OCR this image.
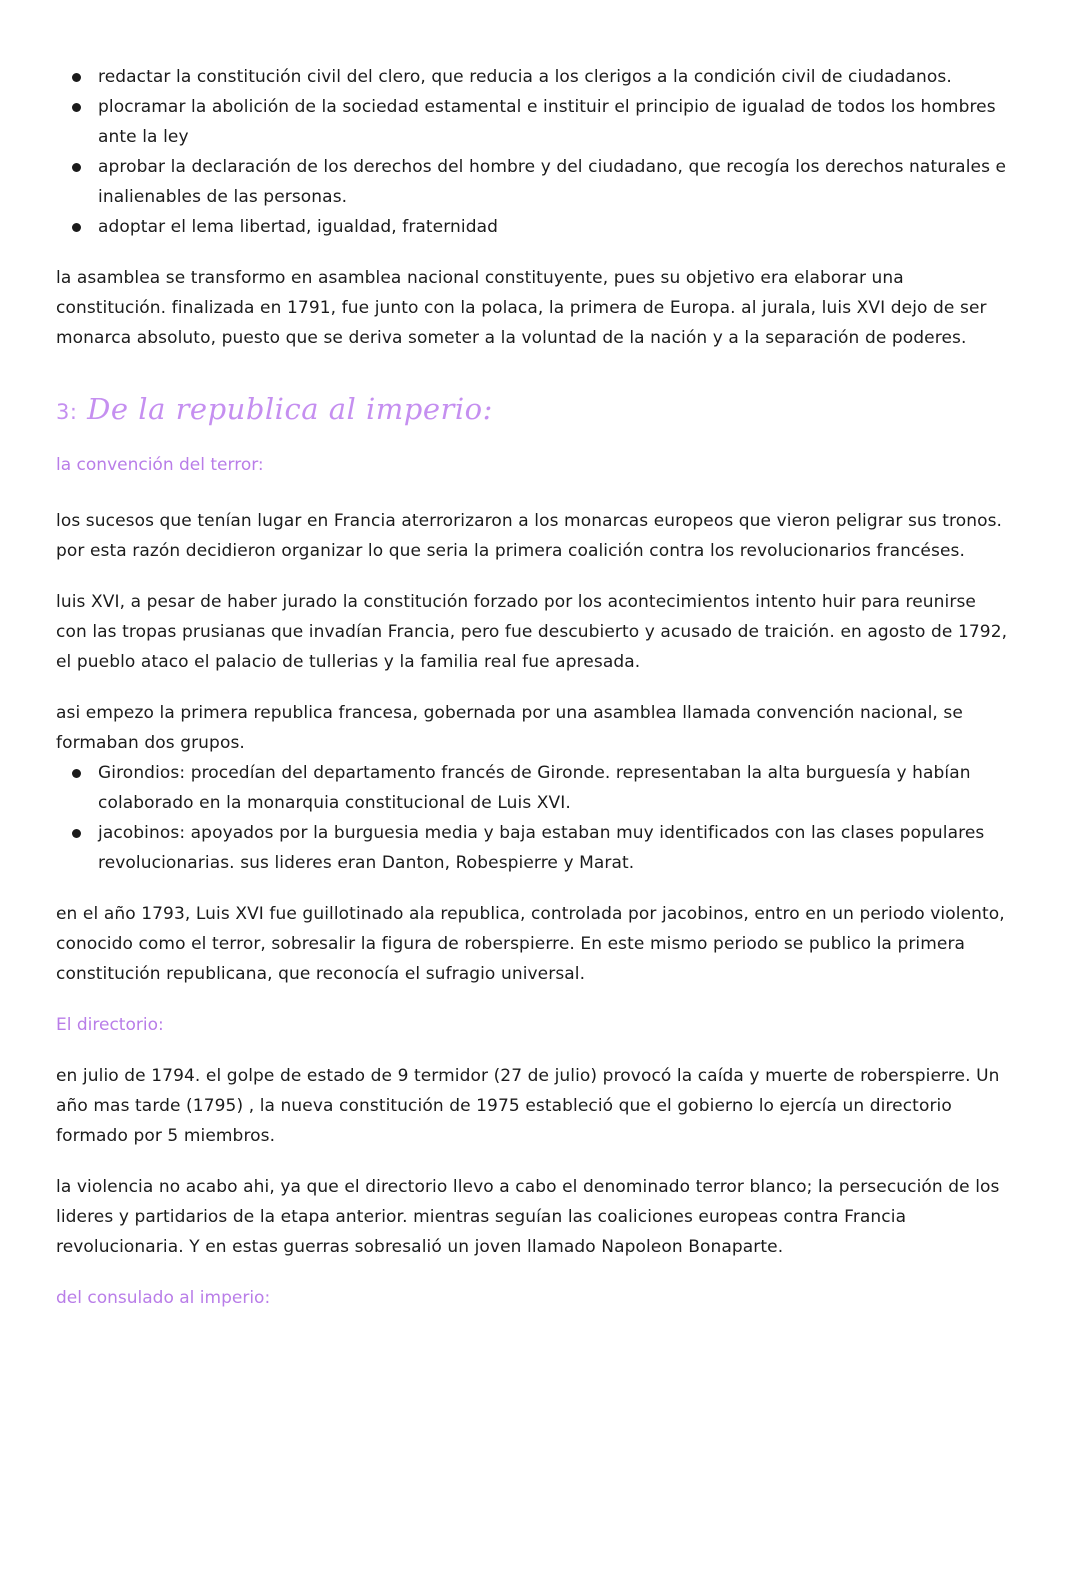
redactar la constitución civil del clero, que reducia a los clerigos a la condición civil de ciudadanos.
plocramar la abolición de la sociedad estamental e instituir el principio de igualad de todos los hombres ante la ley
aprobar la declaración de los derechos del hombre y del ciudadano, que recogía los derechos naturales e inalienables de las personas.
adoptar el lema libertad, igualdad, fraternidad

la asamblea se transformo en asamblea nacional constituyente, pues su objetivo era elaborar una constitución. finalizada en 1791, fue junto con la polaca, la primera de Europa. al jurala, luis XVI dejo de ser monarca absoluto, puesto que se deriva someter a la voluntad de la nación y a la separación de poderes.

3: De la republica al imperio:
la convención del terror:

los sucesos que tenían lugar en Francia aterrorizaron a los monarcas europeos que vieron peligrar sus tronos. por esta razón decidieron organizar lo que seria la primera coalición contra los revolucionarios francéses.

luis XVI, a pesar de haber jurado la constitución forzado por los acontecimientos intento huir para reunirse con las tropas prusianas que invadían Francia, pero fue descubierto y acusado de traición. en agosto de 1792, el pueblo ataco el palacio de tullerias y la familia real fue apresada.

asi empezo la primera republica francesa, gobernada por una asamblea llamada convención nacional, se formaban dos grupos.

Girondios: procedían del departamento francés de Gironde. representaban la alta burguesía y habían colaborado en la monarquia constitucional de Luis XVI.
jacobinos: apoyados por la burguesia media y baja estaban muy identificados con las clases populares revolucionarias. sus lideres eran Danton, Robespierre y Marat.

en el año 1793, Luis XVI fue guillotinado ala republica, controlada por jacobinos, entro en un periodo violento, conocido como el terror, sobresalir la figura de roberspierre. En este mismo periodo se publico la primera constitución republicana, que reconocía el sufragio universal.

El directorio:

en julio de 1794. el golpe de estado de 9 termidor (27 de julio) provocó la caída y muerte de roberspierre. Un año mas tarde (1795) , la nueva constitución de 1975 estableció que el gobierno lo ejercía un directorio formado por 5 miembros.

la violencia no acabo ahi, ya que el directorio llevo a cabo el denominado terror blanco; la persecución de los lideres y partidarios de la etapa anterior. mientras seguían las coaliciones europeas contra Francia revolucionaria. Y en estas guerras sobresalió un joven llamado Napoleon Bonaparte.

del consulado al imperio:
